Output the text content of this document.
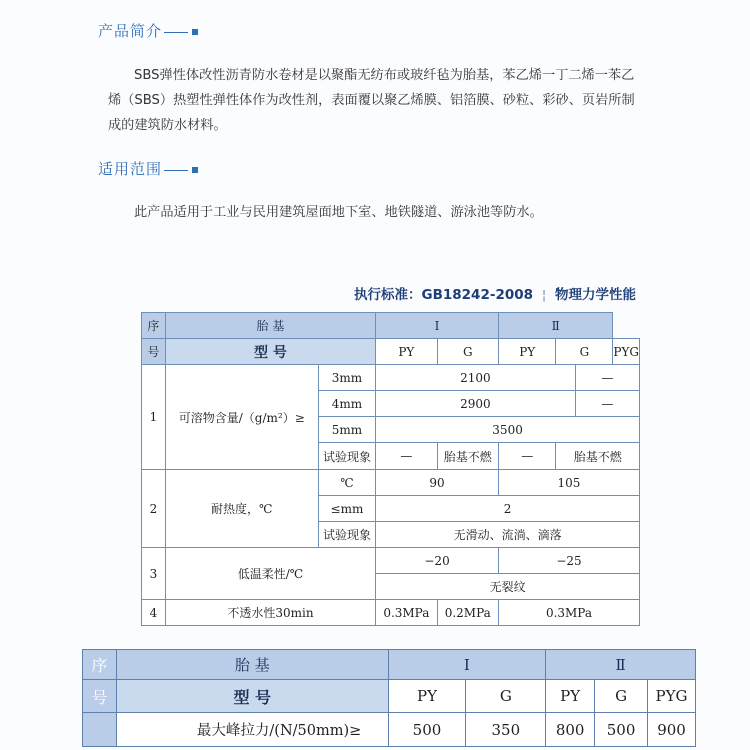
产品简介
SBS弹性体改性沥青防水卷材是以聚酯无纺布或玻纤毡为胎基，苯乙烯一丁二烯一苯乙
烯（SBS）热塑性弹性体作为改性剂，表面覆以聚乙烯膜、铝箔膜、砂粒、彩砂、页岩所制
成的建筑防水材料。
适用范围
此产品适用于工业与民用建筑屋面地下室、地铁隧道、游泳池等防水。
执行标准：GB18242-2008 ¦ 物理力学性能
序	胎 基		Ⅰ		Ⅱ			
号	型 号		PY	G	PY	G		PYG
1	可溶物含量/（g/m²）≥	3mm	2100				—	
		4mm	2900				—	
		5mm	3500					
		试验现象	—	胎基不燃	—	胎基不燃		
2	耐热度，℃	℃	90		105			
		≤mm	2					
		试验现象	无滑动、流淌、滴落					
3	低温柔性/℃		−20		−25			
			无裂纹					
4	不透水性30min		0.3MPa	0.2MPa	0.3MPa			
序	胎 基	Ⅰ		Ⅱ		
号	型 号	PY	G	PY	G	PYG
	最大峰拉力/(N/50mm)≥	500	350	800	500	900
